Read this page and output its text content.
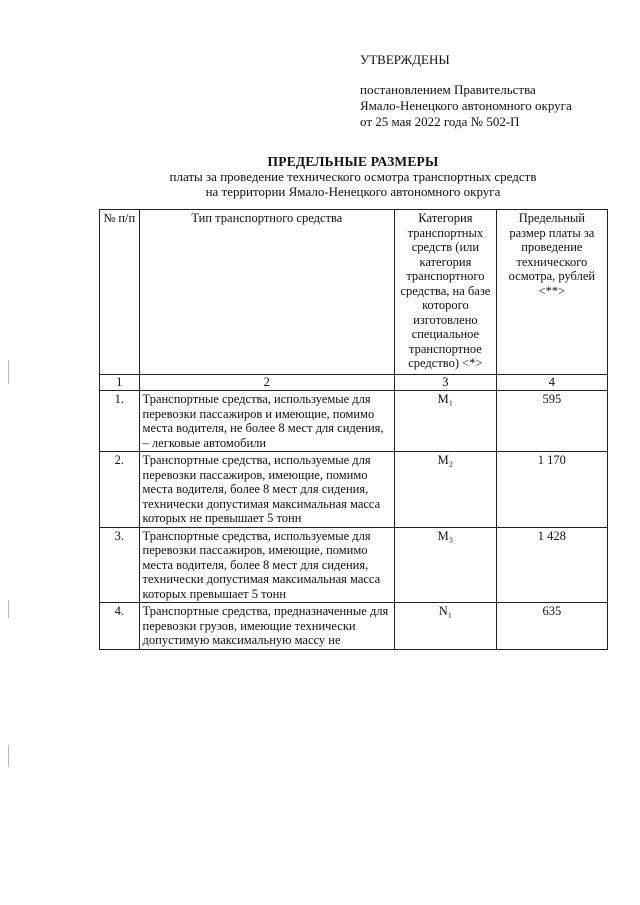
УТВЕРЖДЕНЫ
постановлением Правительства
Ямало-Ненецкого автономного округа
от 25 мая 2022 года № 502-П
ПРЕДЕЛЬНЫЕ РАЗМЕРЫ
платы за проведение технического осмотра транспортных средств
на территории Ямало-Ненецкого автономного округа
№ п/п	Тип транспортного средства	Категория транспортных средств (или категория транспортного средства, на базе которого изготовлено специальное транспортное средство) <*>	Предельный размер платы за проведение технического осмотра, рублей <**>
1	2	3	4
1.	Транспортные средства, используемые для перевозки пассажиров и имеющие, помимо места водителя, не более 8 мест для сидения, – легковые автомобили	M₁	595
2.	Транспортные средства, используемые для перевозки пассажиров, имеющие, помимо места водителя, более 8 мест для сидения, технически допустимая максимальная масса которых не превышает 5 тонн	M₂	1 170
3.	Транспортные средства, используемые для перевозки пассажиров, имеющие, помимо места водителя, более 8 мест для сидения, технически допустимая максимальная масса которых превышает 5 тонн	M₃	1 428
4.	Транспортные средства, предназначенные для перевозки грузов, имеющие технически допустимую максимальную массу не	N₁	635
